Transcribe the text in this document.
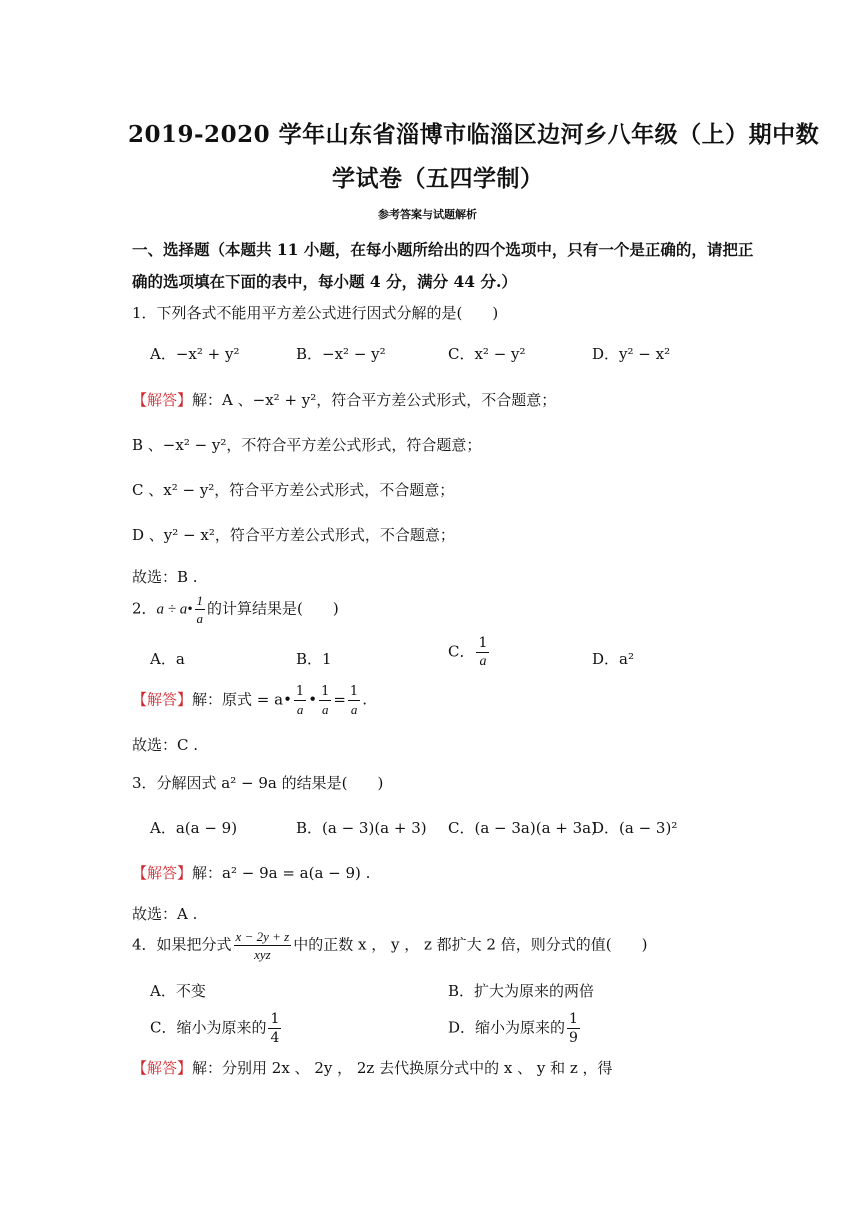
2019-2020 学年山东省淄博市临淄区边河乡八年级（上）期中数
学试卷（五四学制）
参考答案与试题解析
一、选择题（本题共 11 小题，在每小题所给出的四个选项中，只有一个是正确的，请把正
确的选项填在下面的表中，每小题 4 分，满分 44 分.）
1．下列各式不能用平方差公式进行因式分解的是(　　)
A．−x² + y²	B．−x² − y²	C．x² − y²	D．y² − x²
【解答】解：A 、−x² + y²，符合平方差公式形式，不合题意；
B 、−x² − y²，不符合平方差公式形式，符合题意；
C 、x² − y²，符合平方差公式形式，不合题意；
D 、y² − x²，符合平方差公式形式，不合题意；
故选：B .
2．a ÷ a• $\frac{1}{a}$ 的计算结果是(　　)
A．a	B．1	C． $\frac{1}{a}$	D．a²
【解答】解：原式 = a• $\frac{1}{a}$ • $\frac{1}{a} = \frac{1}{a}$ .
故选：C .
3．分解因式 a² − 9a 的结果是(　　)
A．a(a − 9)	B．(a − 3)(a + 3) C．(a − 3a)(a + 3a)
D．(a − 3)²
【解答】解：a² − 9a = a(a − 9) .
故选：A .
4．如果把分式 $\frac{x - 2y + z}{\text{xyz}}$ 中的正数 x ， y ， z 都扩大 2 倍，则分式的值(　　)
A．不变	B．扩大为原来的两倍
C．缩小为原来的 $\frac{1}{4}$	D．缩小为原来的 $\frac{1}{9}$
【解答】解：分别用 2x 、 2y ， 2z 去代换原分式中的 x 、 y 和 z ，得
